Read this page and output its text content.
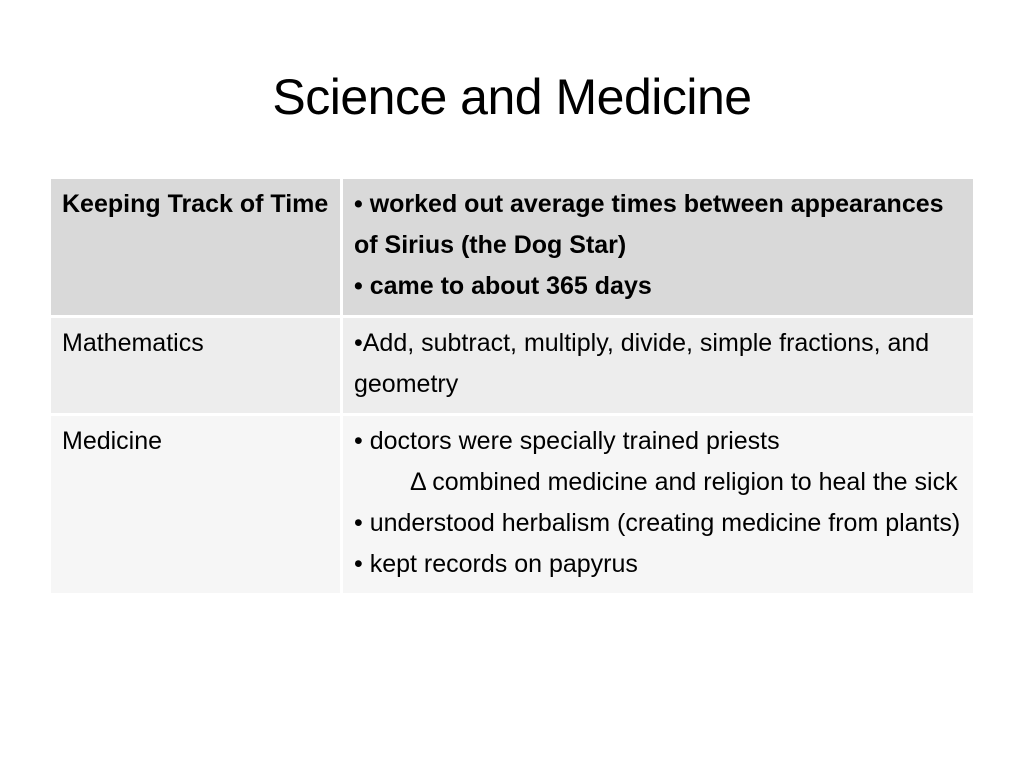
Science and Medicine
Keeping Track of Time	• worked out average times between appearances of Sirius (the Dog Star)
• came to about 365 days

Mathematics	•Add, subtract, multiply, divide, simple fractions, and geometry

Medicine	• doctors were specially trained priests
Δ combined medicine and religion to heal the sick
• understood herbalism (creating medicine from plants)
• kept records on papyrus
